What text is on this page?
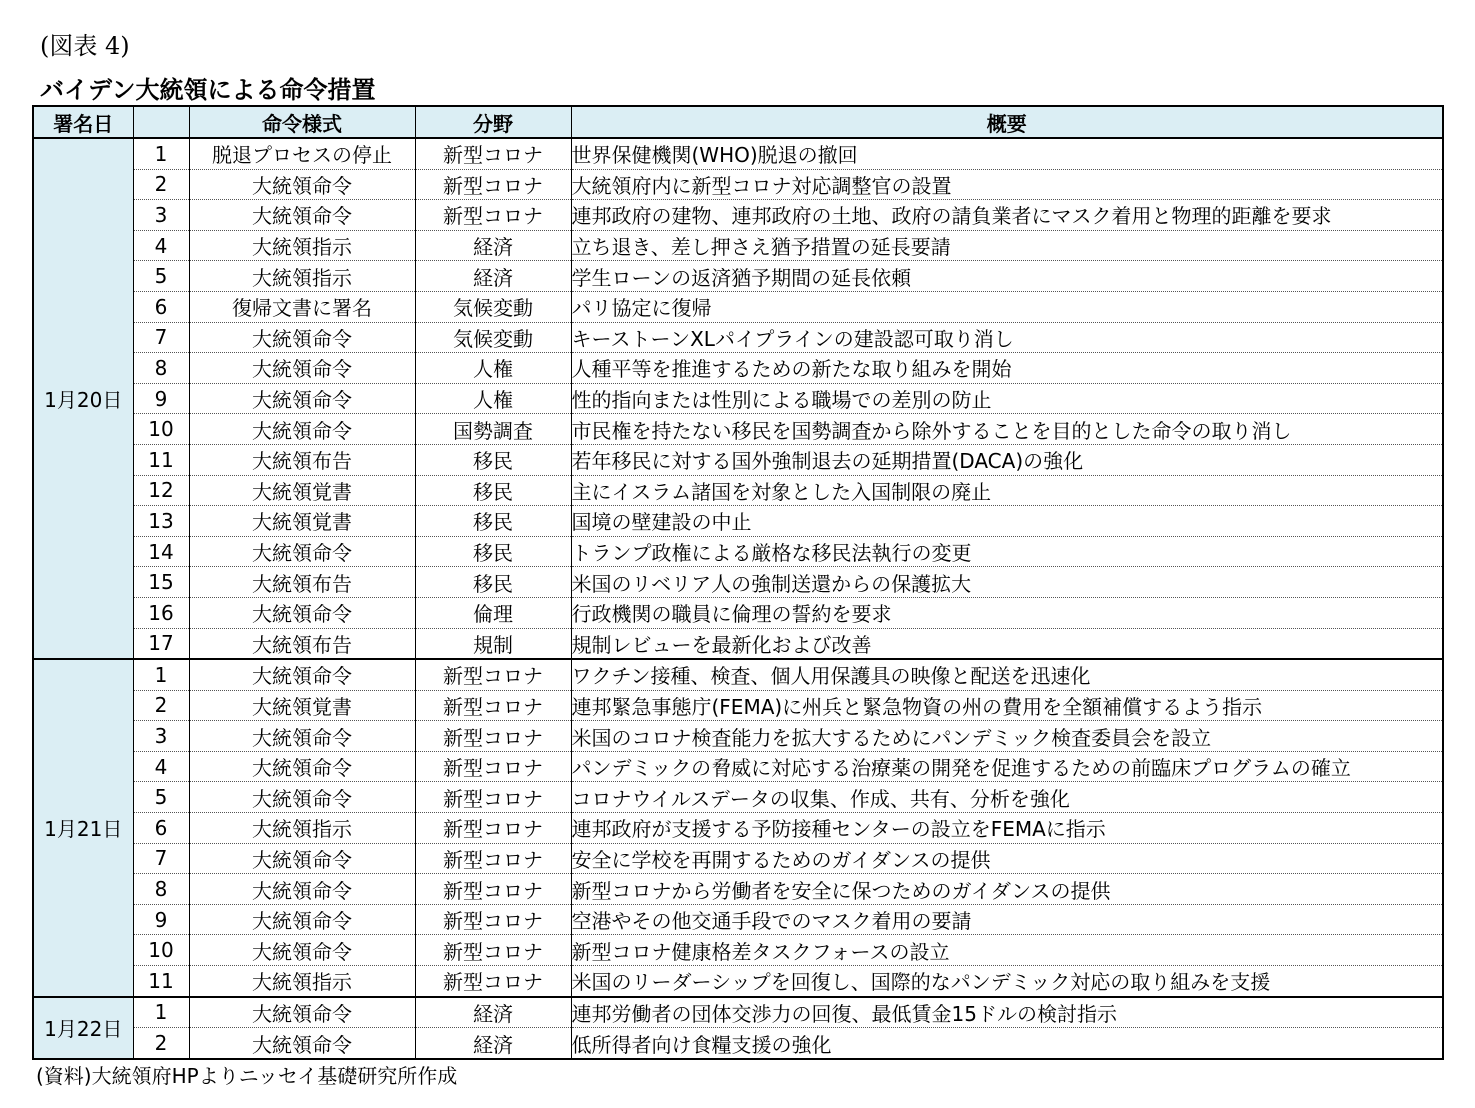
(図表 4)
バイデン大統領による命令措置
署名日		命令様式	分野	概要
1月20日	1	脱退プロセスの停止	新型コロナ	世界保健機関(WHO)脱退の撤回
	2	大統領命令	新型コロナ	大統領府内に新型コロナ対応調整官の設置
	3	大統領命令	新型コロナ	連邦政府の建物、連邦政府の土地、政府の請負業者にマスク着用と物理的距離を要求
	4	大統領指示	経済	立ち退き、差し押さえ猶予措置の延長要請
	5	大統領指示	経済	学生ローンの返済猶予期間の延長依頼
	6	復帰文書に署名	気候変動	パリ協定に復帰
	7	大統領命令	気候変動	キーストーンXLパイプラインの建設認可取り消し
	8	大統領命令	人権	人種平等を推進するための新たな取り組みを開始
	9	大統領命令	人権	性的指向または性別による職場での差別の防止
	10	大統領命令	国勢調査	市民権を持たない移民を国勢調査から除外することを目的とした命令の取り消し
	11	大統領布告	移民	若年移民に対する国外強制退去の延期措置(DACA)の強化
	12	大統領覚書	移民	主にイスラム諸国を対象とした入国制限の廃止
	13	大統領覚書	移民	国境の壁建設の中止
	14	大統領命令	移民	トランプ政権による厳格な移民法執行の変更
	15	大統領布告	移民	米国のリベリア人の強制送還からの保護拡大
	16	大統領命令	倫理	行政機関の職員に倫理の誓約を要求
	17	大統領布告	規制	規制レビューを最新化および改善
1月21日	1	大統領命令	新型コロナ	ワクチン接種、検査、個人用保護具の映像と配送を迅速化
	2	大統領覚書	新型コロナ	連邦緊急事態庁(FEMA)に州兵と緊急物資の州の費用を全額補償するよう指示
	3	大統領命令	新型コロナ	米国のコロナ検査能力を拡大するためにパンデミック検査委員会を設立
	4	大統領命令	新型コロナ	パンデミックの脅威に対応する治療薬の開発を促進するための前臨床プログラムの確立
	5	大統領命令	新型コロナ	コロナウイルスデータの収集、作成、共有、分析を強化
	6	大統領指示	新型コロナ	連邦政府が支援する予防接種センターの設立をFEMAに指示
	7	大統領命令	新型コロナ	安全に学校を再開するためのガイダンスの提供
	8	大統領命令	新型コロナ	新型コロナから労働者を安全に保つためのガイダンスの提供
	9	大統領命令	新型コロナ	空港やその他交通手段でのマスク着用の要請
	10	大統領命令	新型コロナ	新型コロナ健康格差タスクフォースの設立
	11	大統領指示	新型コロナ	米国のリーダーシップを回復し、国際的なパンデミック対応の取り組みを支援
1月22日	1	大統領命令	経済	連邦労働者の団体交渉力の回復、最低賃金15ドルの検討指示
	2	大統領命令	経済	低所得者向け食糧支援の強化
(資料)大統領府HPよりニッセイ基礎研究所作成
